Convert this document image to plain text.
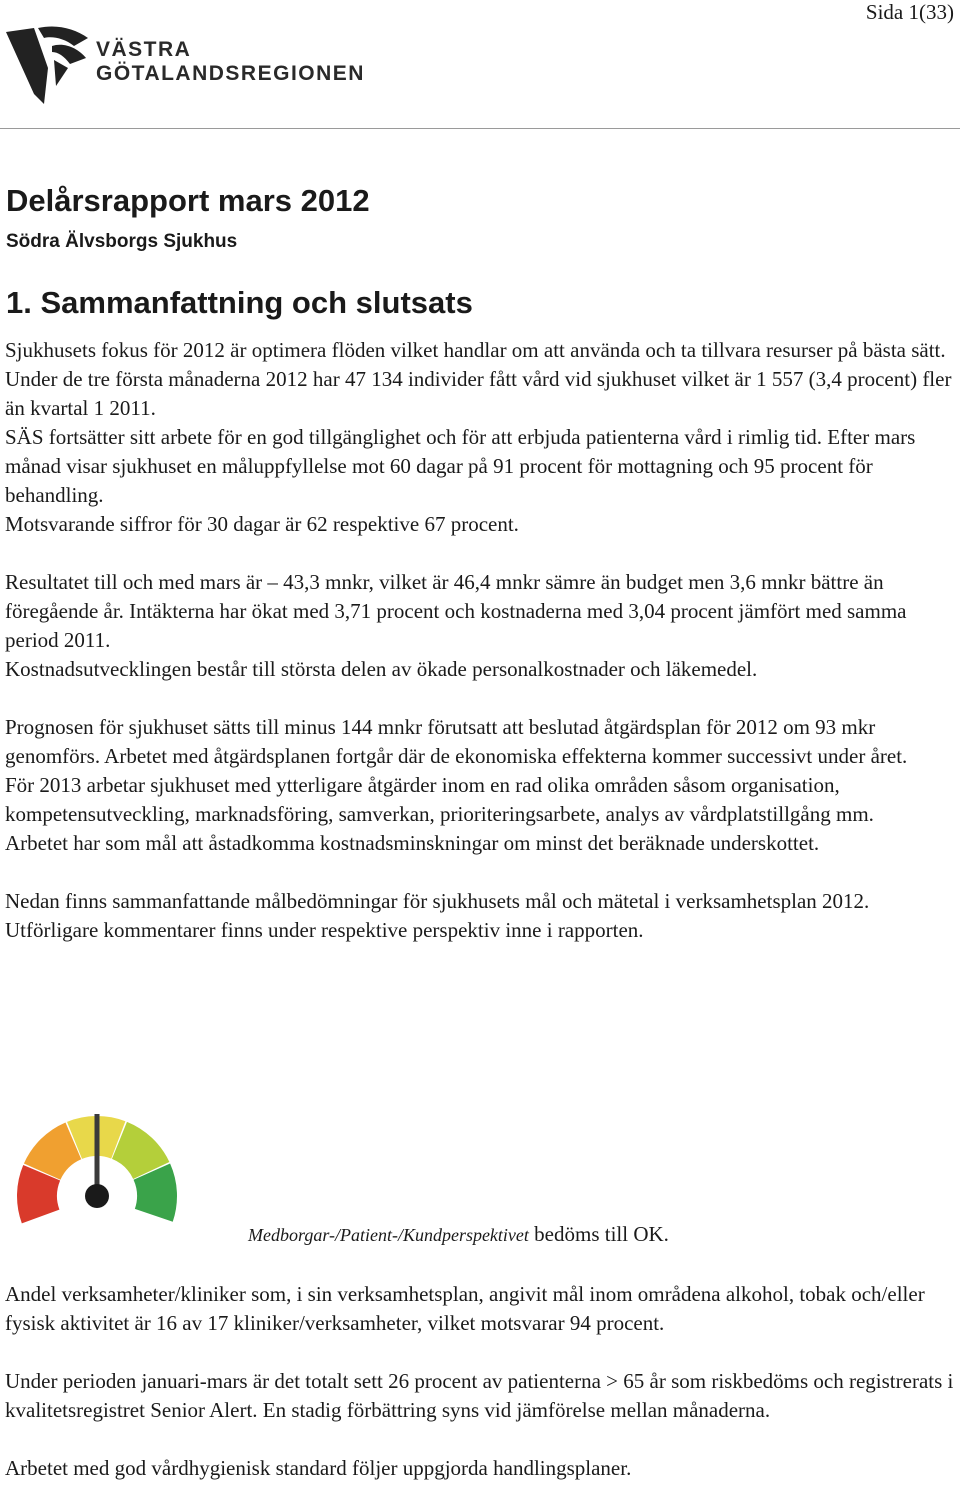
Sida 1(33)
VÄSTRA
GÖTALANDSREGIONEN
Delårsrapport mars 2012
Södra Älvsborgs Sjukhus
1. Sammanfattning och slutsats

Sjukhusets fokus för 2012 är optimera flöden vilket handlar om att använda och ta tillvara resurser på bästa sätt.

Under de tre första månaderna 2012 har 47 134 individer fått vård vid sjukhuset vilket är 1 557 (3,4 procent) fler än kvartal 1 2011.

SÄS fortsätter sitt arbete för en god tillgänglighet och för att erbjuda patienterna vård i rimlig tid. Efter mars månad visar sjukhuset en måluppfyllelse mot 60 dagar på 91 procent för mottagning och 95 procent för behandling.

Motsvarande siffror för 30 dagar är 62 respektive 67 procent.

Resultatet till och med mars är – 43,3 mnkr, vilket är 46,4 mnkr sämre än budget men 3,6 mnkr bättre än föregående år. Intäkterna har ökat med 3,71 procent och kostnaderna med 3,04 procent jämfört med samma period 2011.

Kostnadsutvecklingen består till största delen av ökade personalkostnader och läkemedel.

Prognosen för sjukhuset sätts till minus 144 mnkr förutsatt att beslutad åtgärdsplan för 2012 om 93 mkr genomförs. Arbetet med åtgärdsplanen fortgår där de ekonomiska effekterna kommer successivt under året.

För 2013 arbetar sjukhuset med ytterligare åtgärder inom en rad olika områden såsom organisation, kompetensutveckling, marknadsföring, samverkan, prioriteringsarbete, analys av vårdplatstillgång mm.

Arbetet har som mål att åstadkomma kostnadsminskningar om minst det beräknade underskottet.

Nedan finns sammanfattande målbedömningar för sjukhusets mål och mätetal i verksamhetsplan 2012. Utförligare kommentarer finns under respektive perspektiv inne i rapporten.

Medborgar-/Patient-/Kundperspektivet bedöms till OK.

Andel verksamheter/kliniker som, i sin verksamhetsplan, angivit mål inom områdena alkohol, tobak och/eller fysisk aktivitet är 16 av 17 kliniker/verksamheter, vilket motsvarar 94 procent.

Under perioden januari-mars är det totalt sett 26 procent av patienterna > 65 år som riskbedöms och registrerats i kvalitetsregistret Senior Alert. En stadig förbättring syns vid jämförelse mellan månaderna.

Arbetet med god vårdhygienisk standard följer uppgjorda handlingsplaner.
